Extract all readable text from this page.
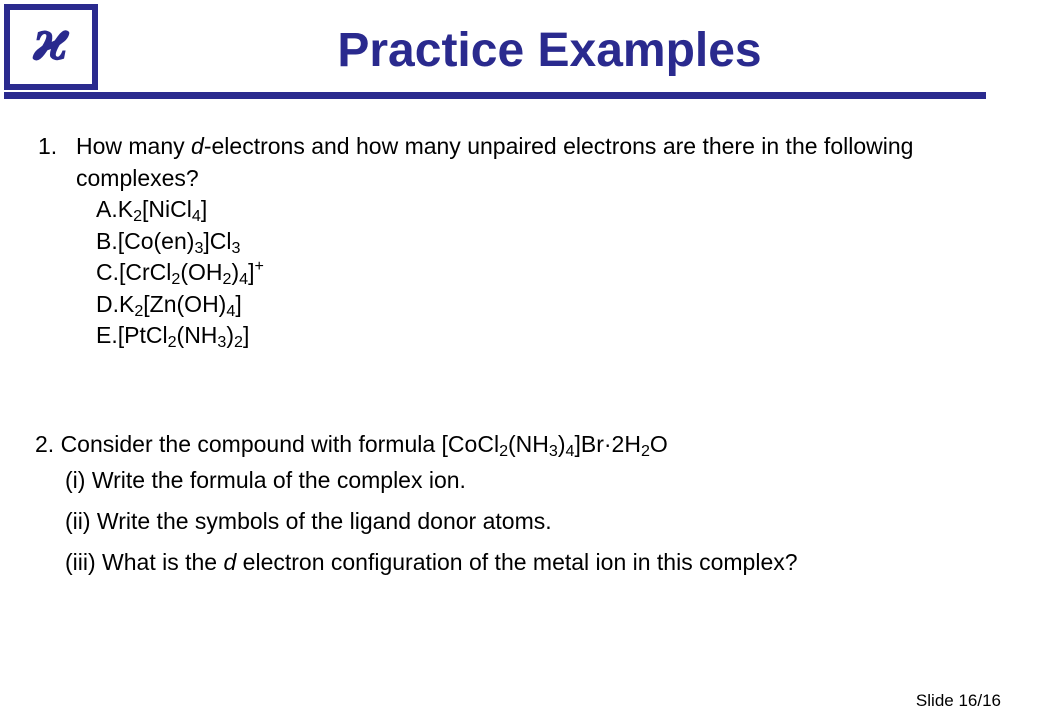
ϰ	Practice Examples
1. How many d-electrons and how many unpaired electrons are there in the following complexes?
$A.K_2[NiCl_4]$
$B.[Co(en)_3]Cl_3$
$C.[CrCl_2(OH_2)_4]^+$
$D.K_2[Zn(OH)_4]$
$E.[PtCl_2(NH_3)_2]$
2. Consider the compound with formula $[CoCl_2(NH_3)_4]Br\cdot 2H_2O$
(i) Write the formula of the complex ion.
(ii) Write the symbols of the ligand donor atoms.
(iii) What is the d electron configuration of the metal ion in this complex?
Slide 16/16
